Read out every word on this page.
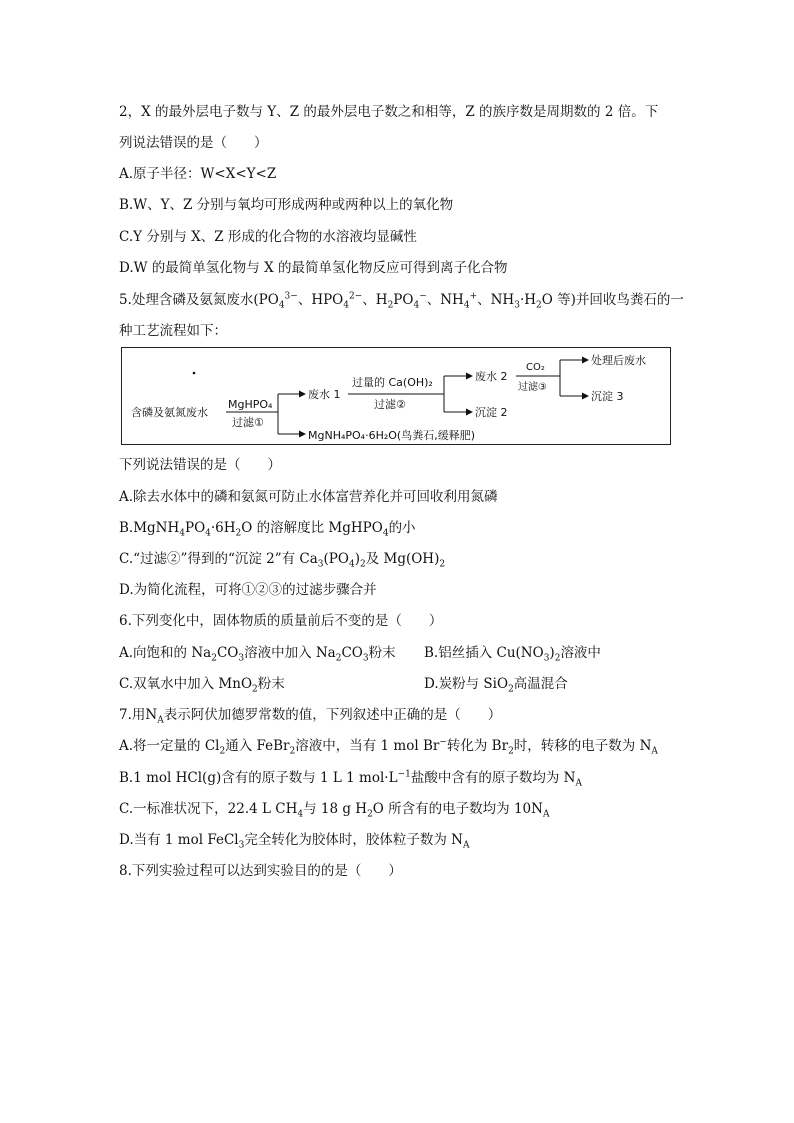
2，X 的最外层电子数与 Y、Z 的最外层电子数之和相等，Z 的族序数是周期数的 2 倍。下
列说法错误的是（　　）
A.原子半径：W<X<Y<Z
B.W、Y、Z 分别与氧均可形成两种或两种以上的氧化物
C.Y 分别与 X、Z 形成的化合物的水溶液均显碱性
D.W 的最简单氢化物与 X 的最简单氢化物反应可得到离子化合物
5.处理含磷及氨氮废水($PO_4^{3-}$、$HPO_4^{2-}$、$H_2PO_4^-$、$NH_4^+$、$NH_3\cdot H_2O$ 等)并回收鸟粪石的一
种工艺流程如下：
含磷及氨氮废水
MgHPO₄
过滤①
废水 1
MgNH₄PO₄·6H₂O(鸟粪石,缓释肥)
过量的 Ca(OH)₂
过滤②
废水 2
沉淀 2
CO₂
过滤③
处理后废水
沉淀 3
下列说法错误的是（　　）
A.除去水体中的磷和氨氮可防止水体富营养化并可回收利用氮磷
$B.MgNH_4PO_4\cdot 6H_2O$ 的溶解度比 MgHPO$_4$的小
C.“过滤②”得到的“沉淀 2”有 $Ca_3(PO_4)_2$及 $Mg(OH)_2$
D.为简化流程，可将①②③的过滤步骤合并
6.下列变化中，固体物质的质量前后不变的是（　　）
A.向饱和的 $Na_2CO_3$溶液中加入 $Na_2CO_3$粉末 B.铝丝插入 $Cu(NO_3)_2$溶液中
C.双氧水中加入 MnO$_2$粉末	D.炭粉与 SiO$_2$高温混合
7.用$N_A$表示阿伏加德罗常数的值，下列叙述中正确的是（　　）
A.将一定量的 $Cl_2$通入 FeBr$_2$溶液中，当有 1 mol Br−转化为 $Br_2$时，转移的电子数为 $N_A$
B.1 mol HCl(g)含有的原子数与 1 L 1 $mol\cdot L^{-1}$盐酸中含有的原子数均为 $N_A$
C.一标准状况下，22.4 L $CH_4$与 18 g $H_2O$ 所含有的电子数均为 $10N_A$
D.当有 1 mol FeCl$_3$完全转化为胶体时，胶体粒子数为 $N_A$
8.下列实验过程可以达到实验目的的是（　　）
